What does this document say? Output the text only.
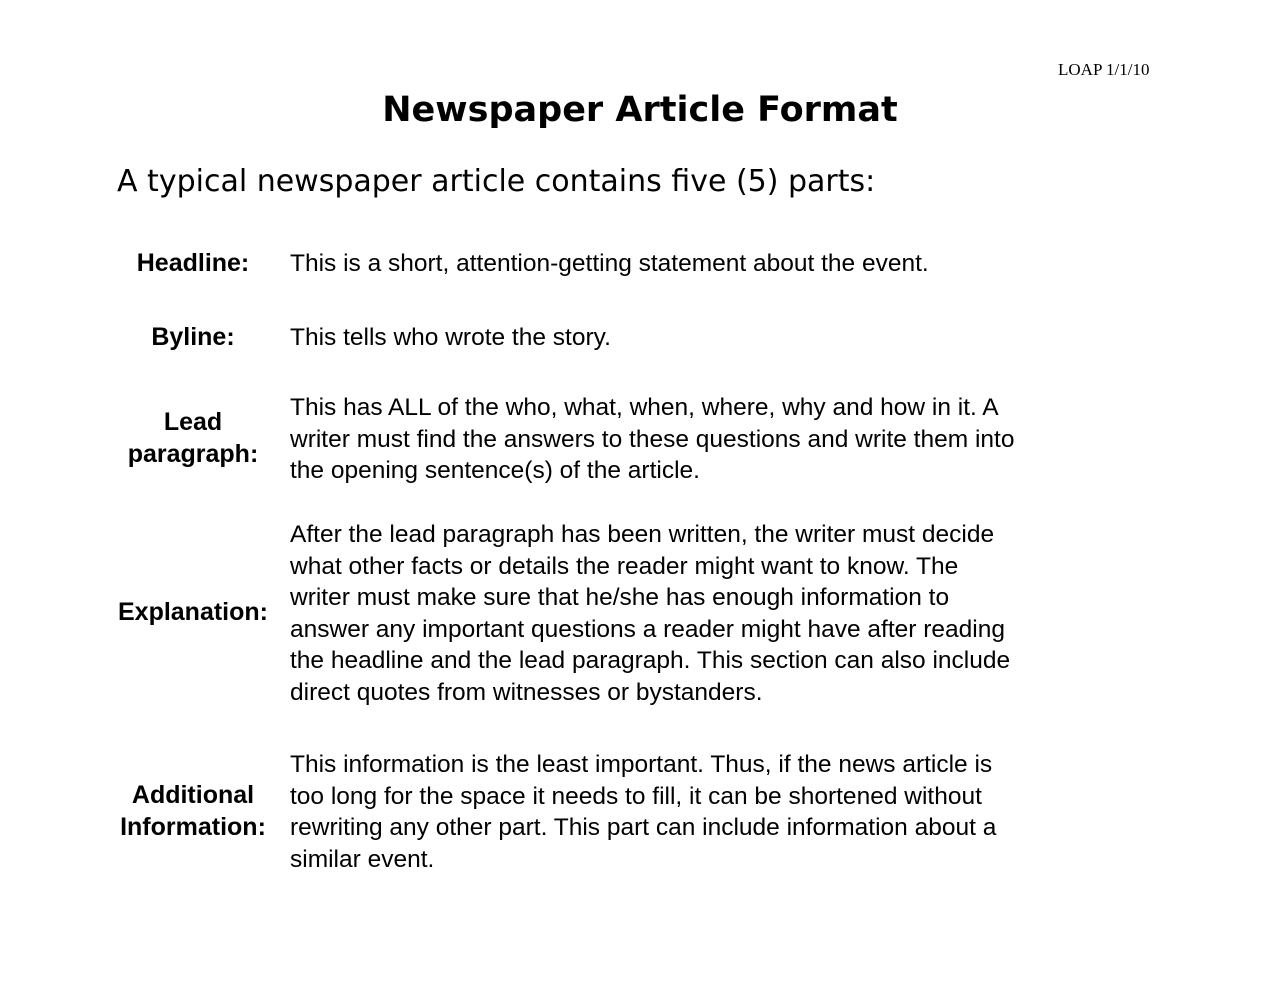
LOAP 1/1/10
Newspaper Article Format
A typical newspaper article contains five (5) parts:
Headline:	This is a short, attention-getting statement about the event.
Byline:	This tells who wrote the story.
Lead
paragraph:
This has ALL of the who, what, when, where, why and how in it. A
writer must find the answers to these questions and write them into
the opening sentence(s) of the article.
Explanation:
After the lead paragraph has been written, the writer must decide
what other facts or details the reader might want to know. The
writer must make sure that he/she has enough information to
answer any important questions a reader might have after reading
the headline and the lead paragraph. This section can also include
direct quotes from witnesses or bystanders.
Additional
Information:
This information is the least important. Thus, if the news article is
too long for the space it needs to fill, it can be shortened without
rewriting any other part. This part can include information about a
similar event.
